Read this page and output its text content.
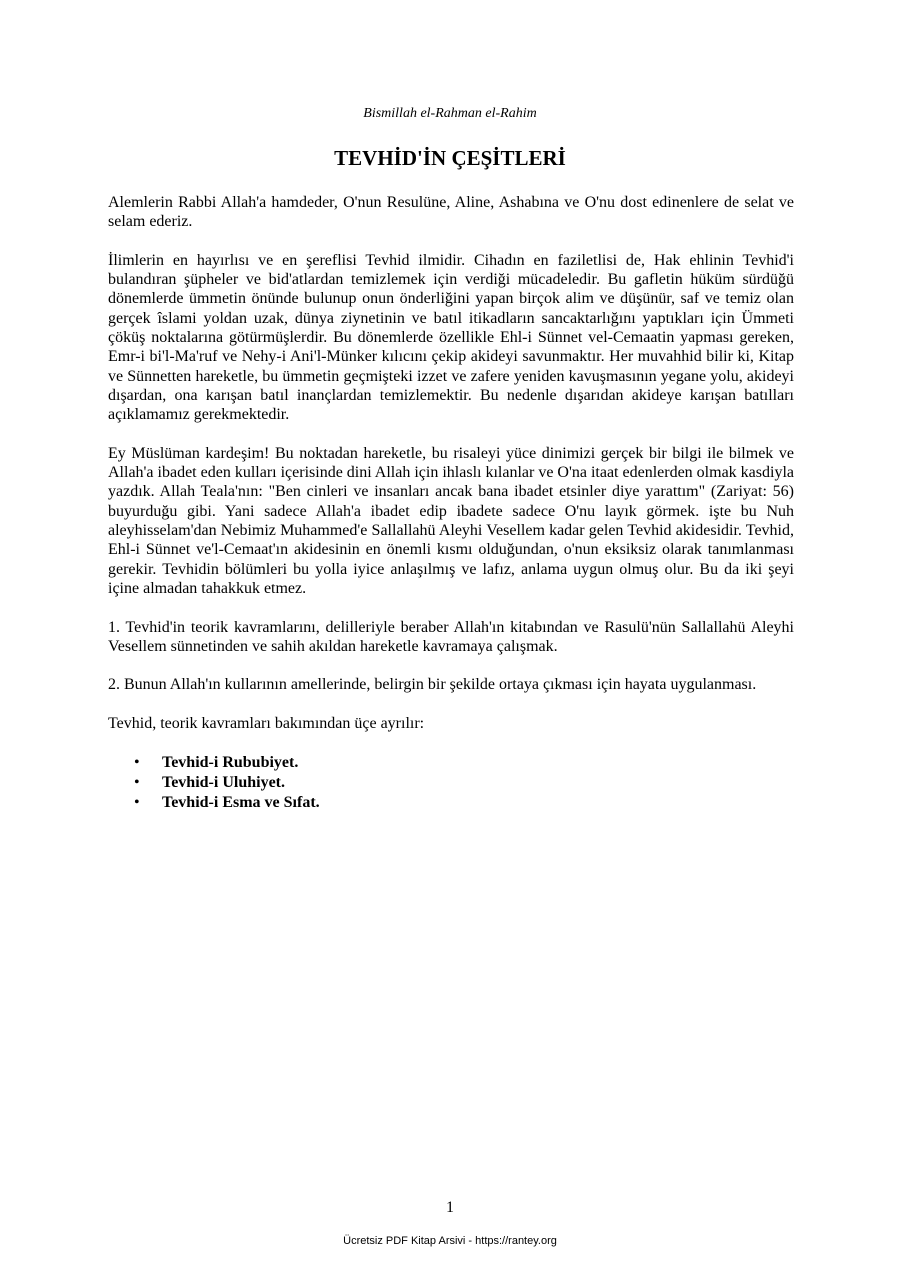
Bismillah el-Rahman el-Rahim
TEVHİD'İN ÇEŞİTLERİ

Alemlerin Rabbi Allah'a hamdeder, O'nun Resulüne, Aline, Ashabına ve O'nu dost edinenlere de selat ve selam ederiz.

İlimlerin en hayırlısı ve en şereflisi Tevhid ilmidir. Cihadın en faziletlisi de, Hak ehlinin Tevhid'i bulandıran şüpheler ve bid'atlardan temizlemek için verdiği mücadeledir. Bu gafletin hüküm sürdüğü dönemlerde ümmetin önünde bulunup onun önderliğini yapan birçok alim ve düşünür, saf ve temiz olan gerçek îslami yoldan uzak, dünya ziynetinin ve batıl itikadların sancaktarlığını yaptıkları için Ümmeti çöküş noktalarına götürmüşlerdir. Bu dönemlerde özellikle Ehl-i Sünnet vel-Cemaatin yapması gereken, Emr-i bi'l-Ma'ruf ve Nehy-i Ani'l-Münker kılıcını çekip akideyi savunmaktır. Her muvahhid bilir ki, Kitap ve Sünnetten hareketle, bu ümmetin geçmişteki izzet ve zafere yeniden kavuşmasının yegane yolu, akideyi dışardan, ona karışan batıl inançlardan temizlemektir. Bu nedenle dışarıdan akideye karışan batılları açıklamamız gerekmektedir.

Ey Müslüman kardeşim! Bu noktadan hareketle, bu risaleyi yüce dinimizi gerçek bir bilgi ile bilmek ve Allah'a ibadet eden kulları içerisinde dini Allah için ihlaslı kılanlar ve O'na itaat edenlerden olmak kasdiyla yazdık. Allah Teala'nın: "Ben cinleri ve insanları ancak bana ibadet etsinler diye yarattım" (Zariyat: 56) buyurduğu gibi. Yani sadece Allah'a ibadet edip ibadete sadece O'nu layık görmek. işte bu Nuh aleyhisselam'dan Nebimiz Muhammed'e Sallallahü Aleyhi Vesellem kadar gelen Tevhid akidesidir. Tevhid, Ehl-i Sünnet ve'l-Cemaat'ın akidesinin en önemli kısmı olduğundan, o'nun eksiksiz olarak tanımlanması gerekir. Tevhidin bölümleri bu yolla iyice anlaşılmış ve lafız, anlama uygun olmuş olur. Bu da iki şeyi içine almadan tahakkuk etmez.

1. Tevhid'in teorik kavramlarını, delilleriyle beraber Allah'ın kitabından ve Rasulü'nün Sallallahü Aleyhi Vesellem sünnetinden ve sahih akıldan hareketle kavramaya çalışmak.

2. Bunun Allah'ın kullarının amellerinde, belirgin bir şekilde ortaya çıkması için hayata uygulanması.

Tevhid, teorik kavramları bakımından üçe ayrılır:

• Tevhid-i Rububiyet.
• Tevhid-i Uluhiyet.
• Tevhid-i Esma ve Sıfat.
1
Ücretsiz PDF Kitap Arsivi - https://rantey.org
